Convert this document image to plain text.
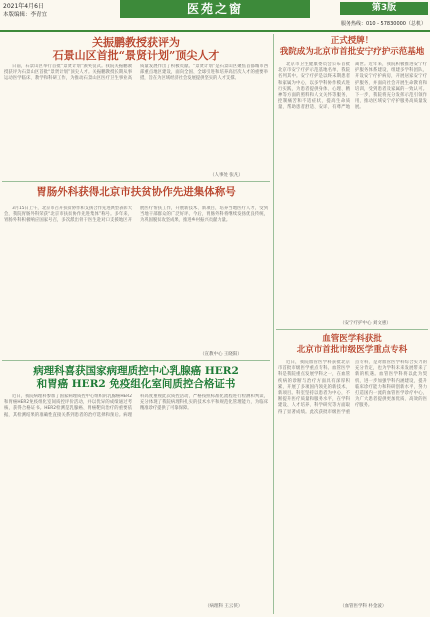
2021年4月6日
本版编辑：李青宜	医苑之窗	第3版
服务热线：010 - 57830000（总机）
关振鹏教授获评为
石景山区首批“景贤计划”顶尖人才

日前，石景山区举行首批“景贤计划”颁奖仪式。我院关振鹏教授获评为石景山区首批“景贤计划”顶尖人才。关振鹏教授长期从事运动医学临床、教学和科研工作，为推动石景山区医疗卫生事业高质量发展作出了积极贡献。“景贤计划”是石景山区聚焦首都城市西部重点地区建设，面向全国、全球引进和培养高层次人才的重要举措，旨在为区域经济社会发展提供坚实的人才支撑。

（人事处 张凡）
胃肠外科获得北京市扶贫协作先进集体称号

3月15日上午，北京市召开扶贫协作和支援合作先进典型表彰大会，我院胃肠外科荣获“北京市扶贫协作先进集体”称号。多年来，胃肠外科积极响应国家号召，多次派出骨干医生赴对口支援地区开展医疗帮扶工作，开展新技术、新项目，培养当地医疗人才，受到当地干部群众的广泛好评。今后，胃肠外科将继续发扬优良传统，为巩固脱贫攻坚成果、推进乡村振兴贡献力量。

（宣教中心 王晓阳）
病理科喜获国家病理质控中心乳腺癌 HER2
和胃癌 HER2 免疫组化室间质控合格证书

近日，我院病理科参加了国家病理质控中心组织的乳腺癌HER2和胃癌HER2免疫组化室间质控评价活动，并以优异的成绩通过考核，获得合格证书。HER2检测是乳腺癌、胃癌靶向治疗的重要依据，其检测结果的准确性直接关系到患者的治疗选择和预后。病理科高度重视此次质控活动，严格按照标准化流程进行检测和判读，充分体现了我院病理科扎实的技术水平和规范化管理能力，为临床精准诊疗提供了可靠保障。

（病理科 王云侠）
正式授牌！
我院成为北京市首批安宁疗护示范基地

北京市卫生健康委员会公布首批北京市安宁疗护示范基地名单，我院名列其中。安宁疗护是以终末期患者和家属为中心，以多学科协作模式进行实践，为患者提供身体、心理、精神等方面的照料和人文关怀等服务，控制痛苦和不适症状，提高生命质量，帮助患者舒适、安详、有尊严地离世。近年来，我院积极推进安宁疗护服务体系建设，组建多学科团队，开设安宁疗护病房，开展居家安宁疗护服务，并面向社会开展生命教育和培训，受到患者及家属的一致认可。下一步，我院将充分发挥示范引领作用，推动区域安宁疗护服务高质量发展。

（安宁疗护中心 刘文惠）
血管医学科获批
北京市首批市级医学重点专科

近日，我院血管医学科获批北京市首批市级医学重点专科。血管医学科是我院重点发展学科之一，在血管疾病的诊断与治疗方面具有深厚积累，开展了多项国内领先的新技术、新项目。科室坚持以患者为中心，不断提升医疗质量和服务水平，在学科建设、人才培养、科学研究等方面取得了显著成绩。此次获批市级医学重点专科，是对血管医学科综合实力的充分肯定，也为学科未来发展带来了新的机遇。血管医学科将以此为契机，进一步加强学科内涵建设，提升临床诊疗能力和科研创新水平，努力打造国内一流的血管医学诊疗中心，为广大患者提供更加优质、高效的医疗服务。

（血管医学科 朴金波）
